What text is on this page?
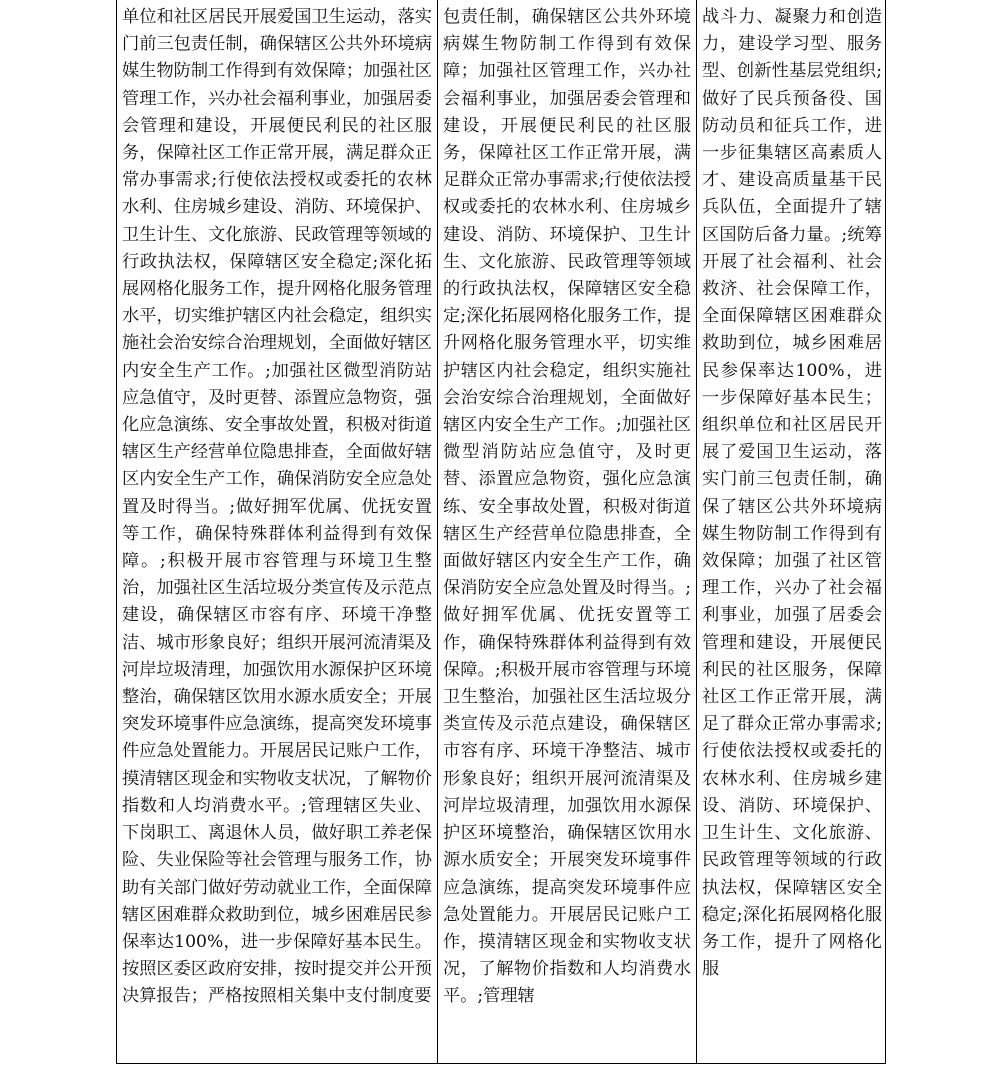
单位和社区居民开展爱国卫生运动，落实门前三包责任制，确保辖区公共外环境病媒生物防制工作得到有效保障；加强社区管理工作，兴办社会福利事业，加强居委会管理和建设，开展便民利民的社区服务，保障社区工作正常开展，满足群众正常办事需求;行使依法授权或委托的农林水利、住房城乡建设、消防、环境保护、卫生计生、文化旅游、民政管理等领域的行政执法权，保障辖区安全稳定;深化拓展网格化服务工作，提升网格化服务管理水平，切实维护辖区内社会稳定，组织实施社会治安综合治理规划，全面做好辖区内安全生产工作。;加强社区微型消防站应急值守，及时更替、添置应急物资，强化应急演练、安全事故处置，积极对街道辖区生产经营单位隐患排查，全面做好辖区内安全生产工作，确保消防安全应急处置及时得当。;做好拥军优属、优抚安置等工作，确保特殊群体利益得到有效保障。;积极开展市容管理与环境卫生整治，加强社区生活垃圾分类宣传及示范点建设，确保辖区市容有序、环境干净整洁、城市形象良好；组织开展河流清渠及河岸垃圾清理，加强饮用水源保护区环境整治，确保辖区饮用水源水质安全；开展突发环境事件应急演练，提高突发环境事件应急处置能力。开展居民记账户工作，摸清辖区现金和实物收支状况，了解物价指数和人均消费水平。;管理辖区失业、下岗职工、离退休人员，做好职工养老保险、失业保险等社会管理与服务工作，协助有关部门做好劳动就业工作，全面保障辖区困难群众救助到位，城乡困难居民参保率达100%，进一步保障好基本民生。按照区委区政府安排，按时提交并公开预决算报告；严格按照相关集中支付制度要
包责任制，确保辖区公共外环境病媒生物防制工作得到有效保障；加强社区管理工作，兴办社会福利事业，加强居委会管理和建设，开展便民利民的社区服务，保障社区工作正常开展，满足群众正常办事需求;行使依法授权或委托的农林水利、住房城乡建设、消防、环境保护、卫生计生、文化旅游、民政管理等领域的行政执法权，保障辖区安全稳定;深化拓展网格化服务工作，提升网格化服务管理水平，切实维护辖区内社会稳定，组织实施社会治安综合治理规划，全面做好辖区内安全生产工作。;加强社区微型消防站应急值守，及时更替、添置应急物资，强化应急演练、安全事故处置，积极对街道辖区生产经营单位隐患排查，全面做好辖区内安全生产工作，确保消防安全应急处置及时得当。;做好拥军优属、优抚安置等工作，确保特殊群体利益得到有效保障。;积极开展市容管理与环境卫生整治，加强社区生活垃圾分类宣传及示范点建设，确保辖区市容有序、环境干净整洁、城市形象良好；组织开展河流清渠及河岸垃圾清理，加强饮用水源保护区环境整治，确保辖区饮用水源水质安全；开展突发环境事件应急演练，提高突发环境事件应急处置能力。开展居民记账户工作，摸清辖区现金和实物收支状况，了解物价指数和人均消费水平。;管理辖
战斗力、凝聚力和创造力，建设学习型、服务型、创新性基层党组织;做好了民兵预备役、国防动员和征兵工作，进一步征集辖区高素质人才、建设高质量基干民兵队伍，全面提升了辖区国防后备力量。;统筹开展了社会福利、社会救济、社会保障工作，全面保障辖区困难群众救助到位，城乡困难居民参保率达100%，进一步保障好基本民生；组织单位和社区居民开展了爱国卫生运动，落实门前三包责任制，确保了辖区公共外环境病媒生物防制工作得到有效保障；加强了社区管理工作，兴办了社会福利事业，加强了居委会管理和建设，开展便民利民的社区服务，保障社区工作正常开展，满足了群众正常办事需求;行使依法授权或委托的农林水利、住房城乡建设、消防、环境保护、卫生计生、文化旅游、民政管理等领域的行政执法权，保障辖区安全稳定;深化拓展网格化服务工作，提升了网格化服
